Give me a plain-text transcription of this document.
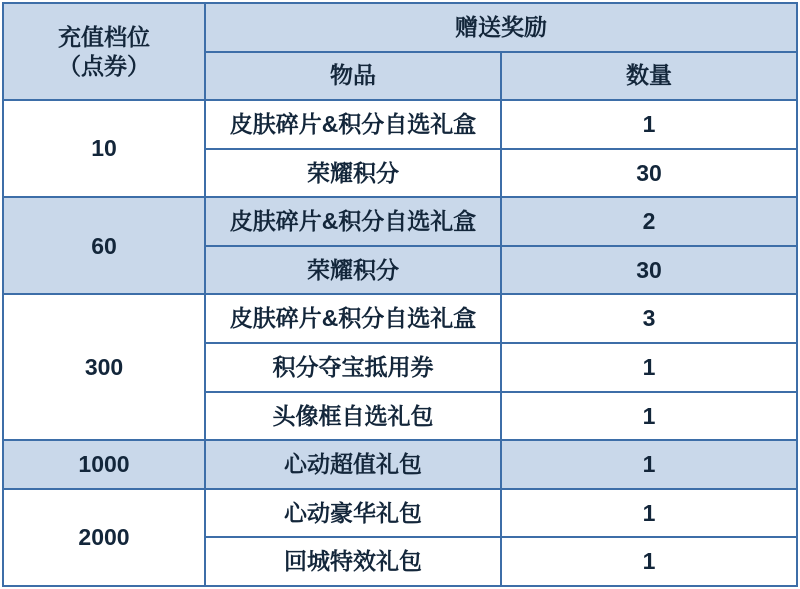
充值档位
（点券）	赠送奖励	
	物品	数量
10	皮肤碎片&积分自选礼盒	1
	荣耀积分	30
60	皮肤碎片&积分自选礼盒	2
	荣耀积分	30
300	皮肤碎片&积分自选礼盒	3
	积分夺宝抵用券	1
	头像框自选礼包	1
1000	心动超值礼包	1
2000	心动豪华礼包	1
	回城特效礼包	1
